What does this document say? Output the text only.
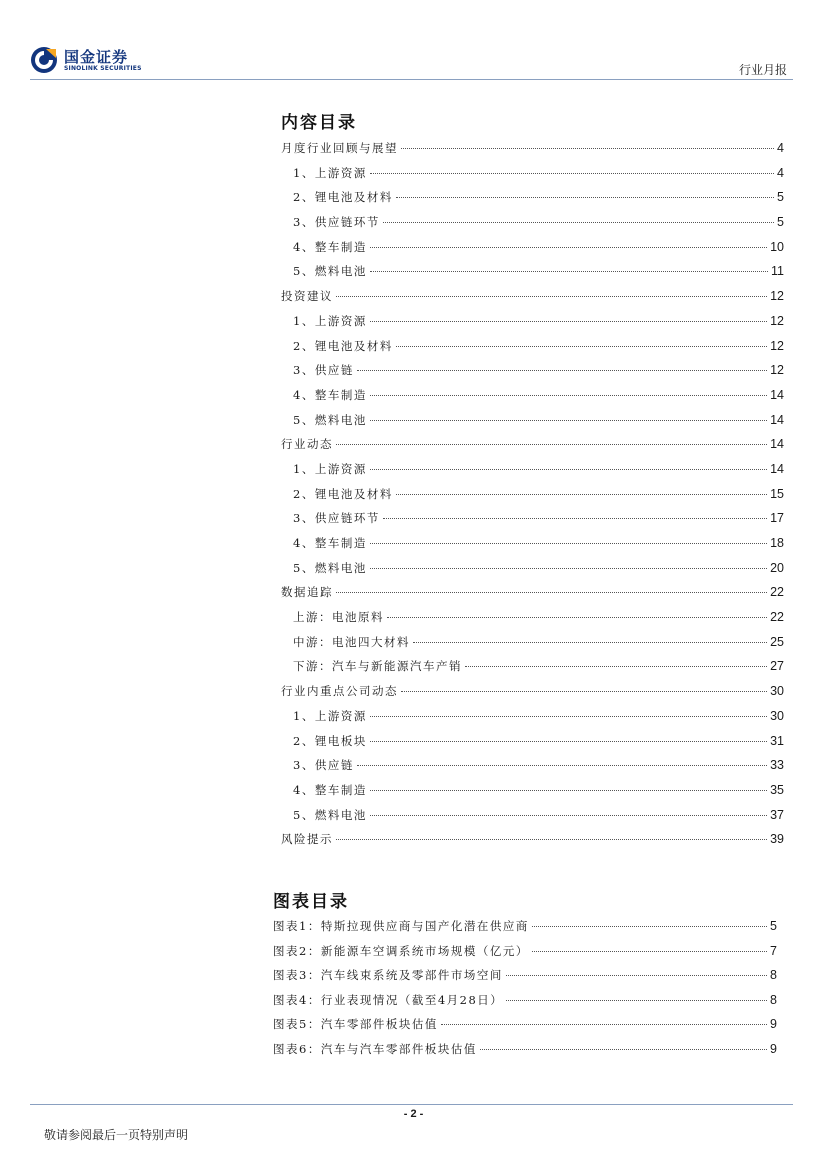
国金证券
SINOLINK SECURITIES	行业月报
内容目录
月度行业回顾与展望	4
1、上游资源	4
2、锂电池及材料	5
3、供应链环节	5
4、整车制造	10
5、燃料电池	11
投资建议	12
1、上游资源	12
2、锂电池及材料	12
3、供应链	12
4、整车制造	14
5、燃料电池	14
行业动态	14
1、上游资源	14
2、锂电池及材料	15
3、供应链环节	17
4、整车制造	18
5、燃料电池	20
数据追踪	22
上游：电池原料	22
中游：电池四大材料	25
下游：汽车与新能源汽车产销	27
行业内重点公司动态	30
1、上游资源	30
2、锂电板块	31
3、供应链	33
4、整车制造	35
5、燃料电池	37
风险提示	39
图表目录
图表1：特斯拉现供应商与国产化潜在供应商	5
图表2：新能源车空调系统市场规模（亿元）	7
图表3：汽车线束系统及零部件市场空间	8
图表4：行业表现情况（截至4月28日）	8
图表5：汽车零部件板块估值	9
图表6：汽车与汽车零部件板块估值	9
- 2 -
敬请参阅最后一页特别声明
